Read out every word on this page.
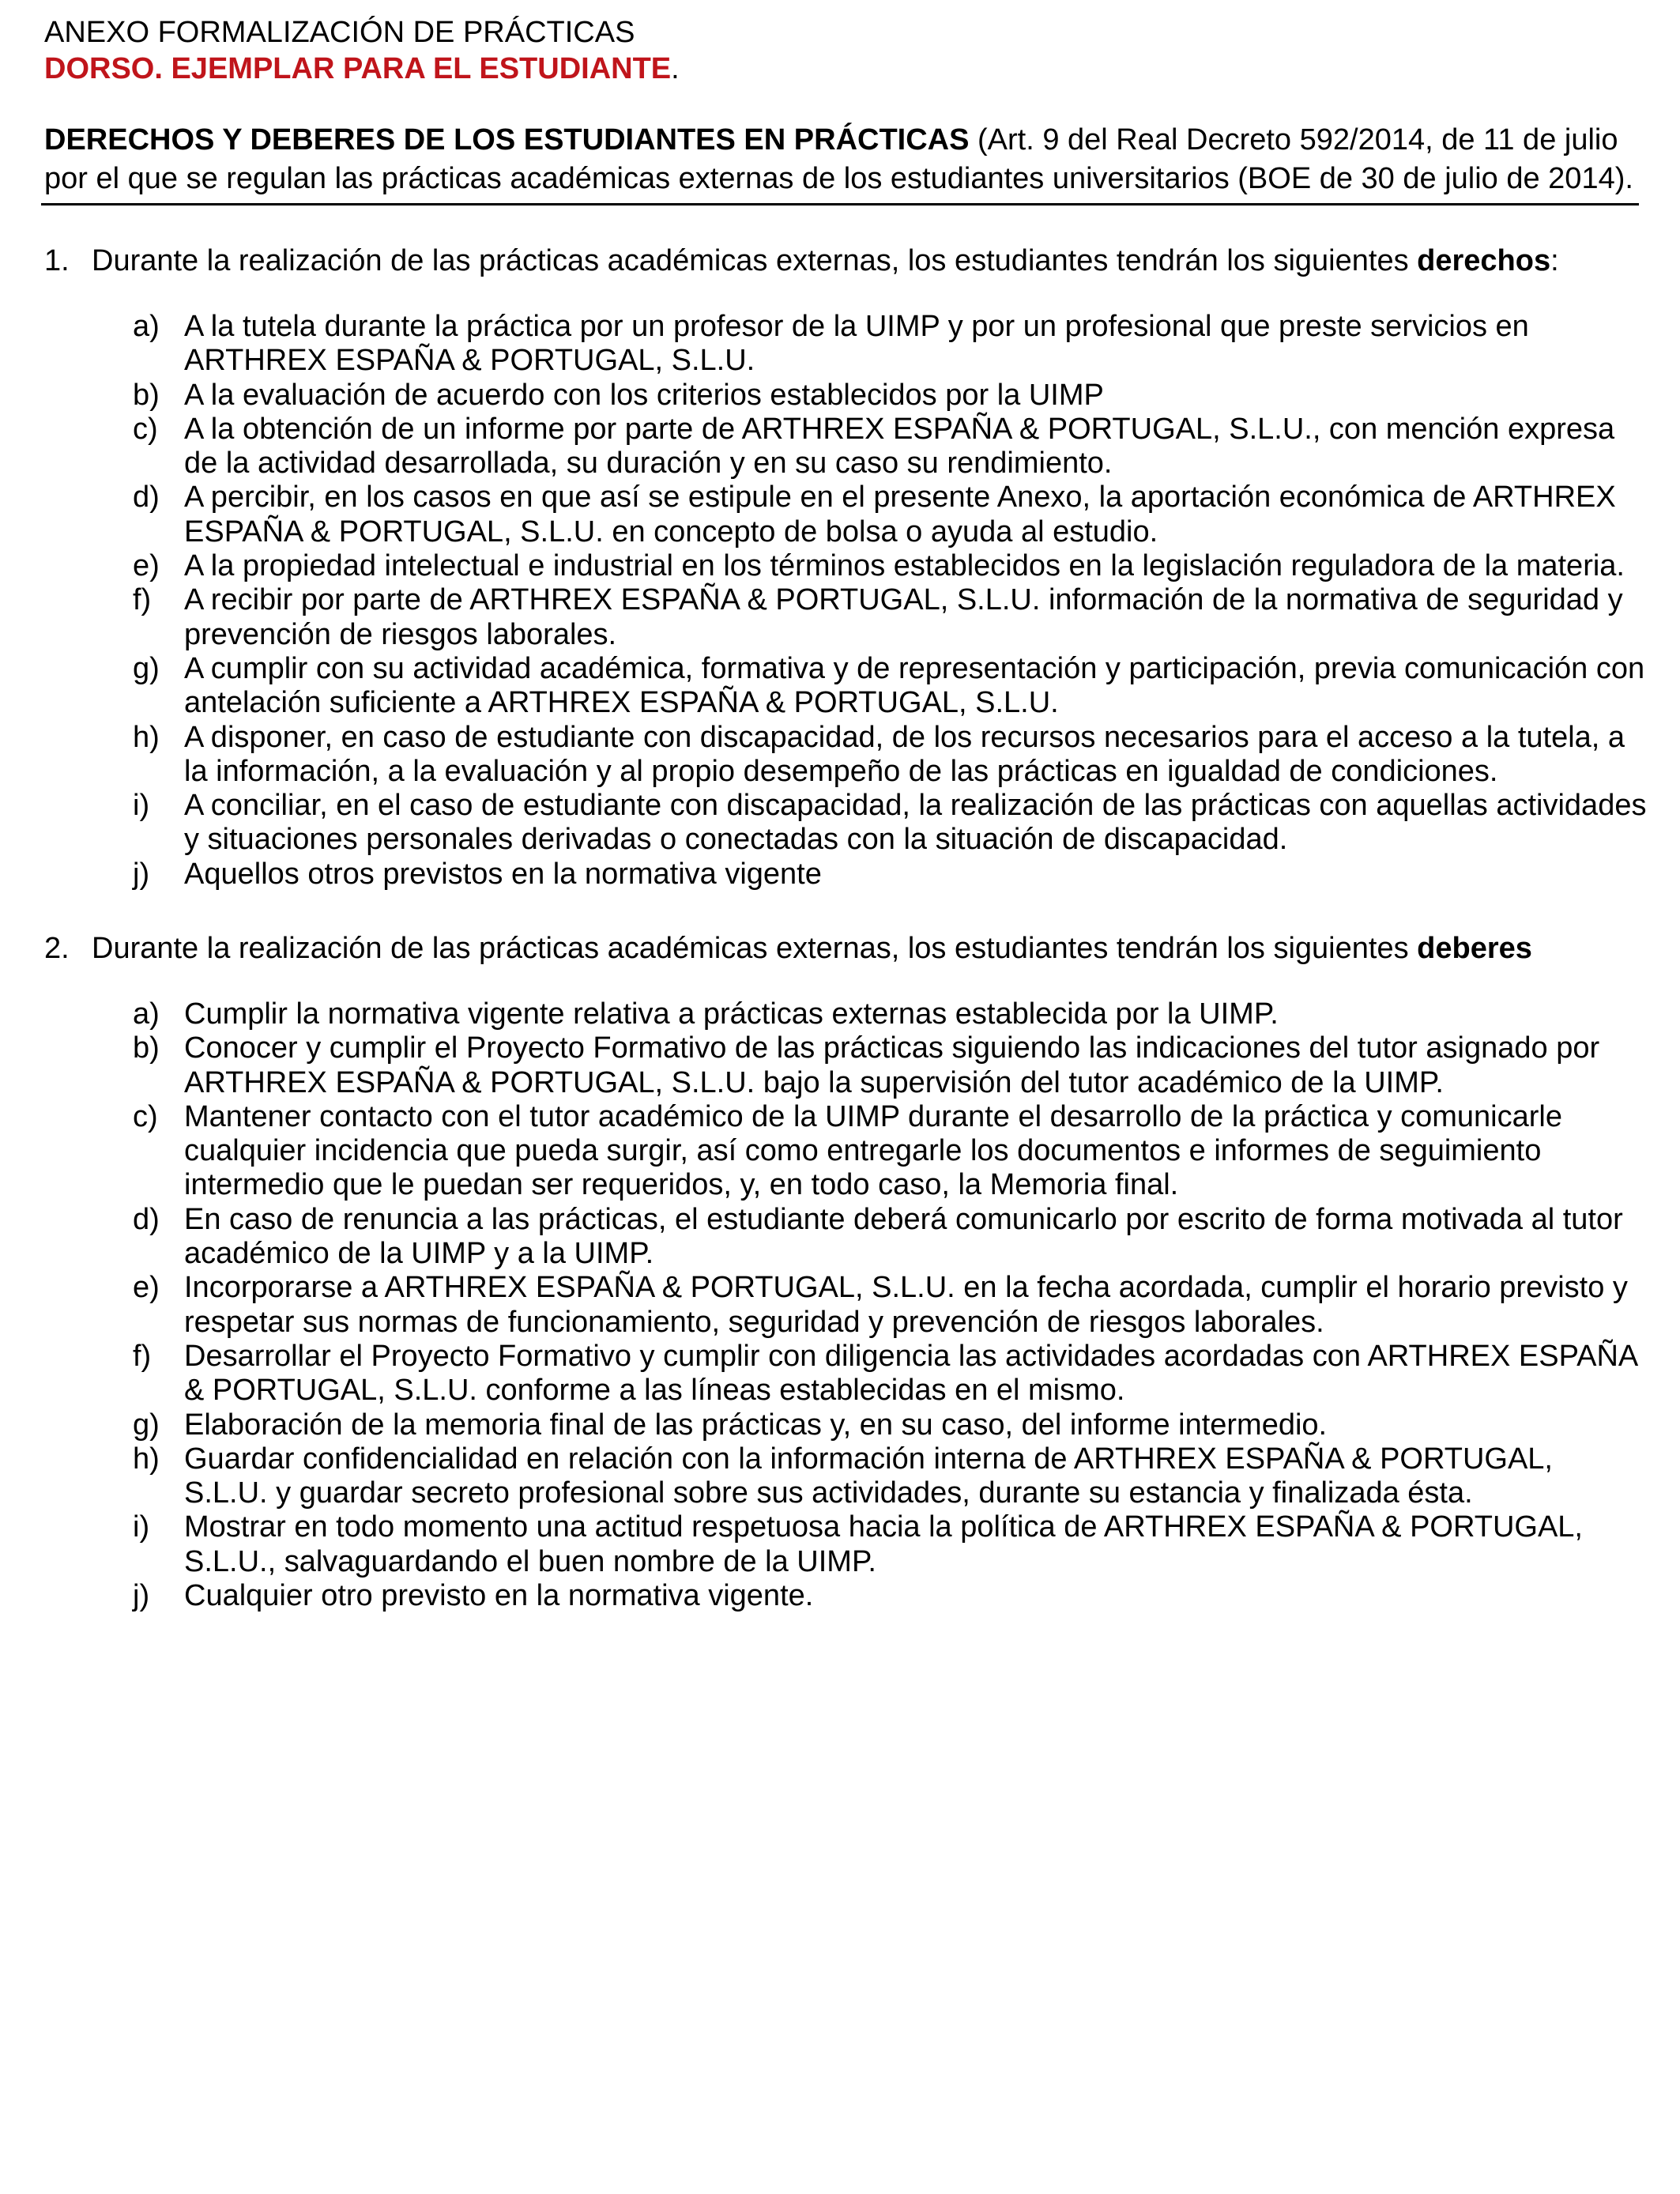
ANEXO FORMALIZACIÓN DE PRÁCTICAS
DORSO. EJEMPLAR PARA EL ESTUDIANTE.
DERECHOS Y DEBERES DE LOS ESTUDIANTES EN PRÁCTICAS (Art. 9 del Real Decreto 592/2014, de 11 de julio
por el que se regulan las prácticas académicas externas de los estudiantes universitarios (BOE de 30 de julio de 2014).
1. Durante la realización de las prácticas académicas externas, los estudiantes tendrán los siguientes derechos:
a) A la tutela durante la práctica por un profesor de la UIMP y por un profesional que preste servicios en
ARTHREX ESPAÑA & PORTUGAL, S.L.U.
b) A la evaluación de acuerdo con los criterios establecidos por la UIMP
c) A la obtención de un informe por parte de ARTHREX ESPAÑA & PORTUGAL, S.L.U., con mención expresa
de la actividad desarrollada, su duración y en su caso su rendimiento.
d) A percibir, en los casos en que así se estipule en el presente Anexo, la aportación económica de ARTHREX
ESPAÑA & PORTUGAL, S.L.U. en concepto de bolsa o ayuda al estudio.
e) A la propiedad intelectual e industrial en los términos establecidos en la legislación reguladora de la materia.
f) A recibir por parte de ARTHREX ESPAÑA & PORTUGAL, S.L.U. información de la normativa de seguridad y
prevención de riesgos laborales.
g) A cumplir con su actividad académica, formativa y de representación y participación, previa comunicación con
antelación suficiente a ARTHREX ESPAÑA & PORTUGAL, S.L.U.
h) A disponer, en caso de estudiante con discapacidad, de los recursos necesarios para el acceso a la tutela, a
la información, a la evaluación y al propio desempeño de las prácticas en igualdad de condiciones.
i) A conciliar, en el caso de estudiante con discapacidad, la realización de las prácticas con aquellas actividades
y situaciones personales derivadas o conectadas con la situación de discapacidad.
j) Aquellos otros previstos en la normativa vigente
2. Durante la realización de las prácticas académicas externas, los estudiantes tendrán los siguientes deberes
a) Cumplir la normativa vigente relativa a prácticas externas establecida por la UIMP.
b) Conocer y cumplir el Proyecto Formativo de las prácticas siguiendo las indicaciones del tutor asignado por
ARTHREX ESPAÑA & PORTUGAL, S.L.U. bajo la supervisión del tutor académico de la UIMP.
c) Mantener contacto con el tutor académico de la UIMP durante el desarrollo de la práctica y comunicarle
cualquier incidencia que pueda surgir, así como entregarle los documentos e informes de seguimiento
intermedio que le puedan ser requeridos, y, en todo caso, la Memoria final.
d) En caso de renuncia a las prácticas, el estudiante deberá comunicarlo por escrito de forma motivada al tutor
académico de la UIMP y a la UIMP.
e) Incorporarse a ARTHREX ESPAÑA & PORTUGAL, S.L.U. en la fecha acordada, cumplir el horario previsto y
respetar sus normas de funcionamiento, seguridad y prevención de riesgos laborales.
f) Desarrollar el Proyecto Formativo y cumplir con diligencia las actividades acordadas con ARTHREX ESPAÑA
& PORTUGAL, S.L.U. conforme a las líneas establecidas en el mismo.
g) Elaboración de la memoria final de las prácticas y, en su caso, del informe intermedio.
h) Guardar confidencialidad en relación con la información interna de ARTHREX ESPAÑA & PORTUGAL,
S.L.U. y guardar secreto profesional sobre sus actividades, durante su estancia y finalizada ésta.
i) Mostrar en todo momento una actitud respetuosa hacia la política de ARTHREX ESPAÑA & PORTUGAL,
S.L.U., salvaguardando el buen nombre de la UIMP.
j) Cualquier otro previsto en la normativa vigente.
